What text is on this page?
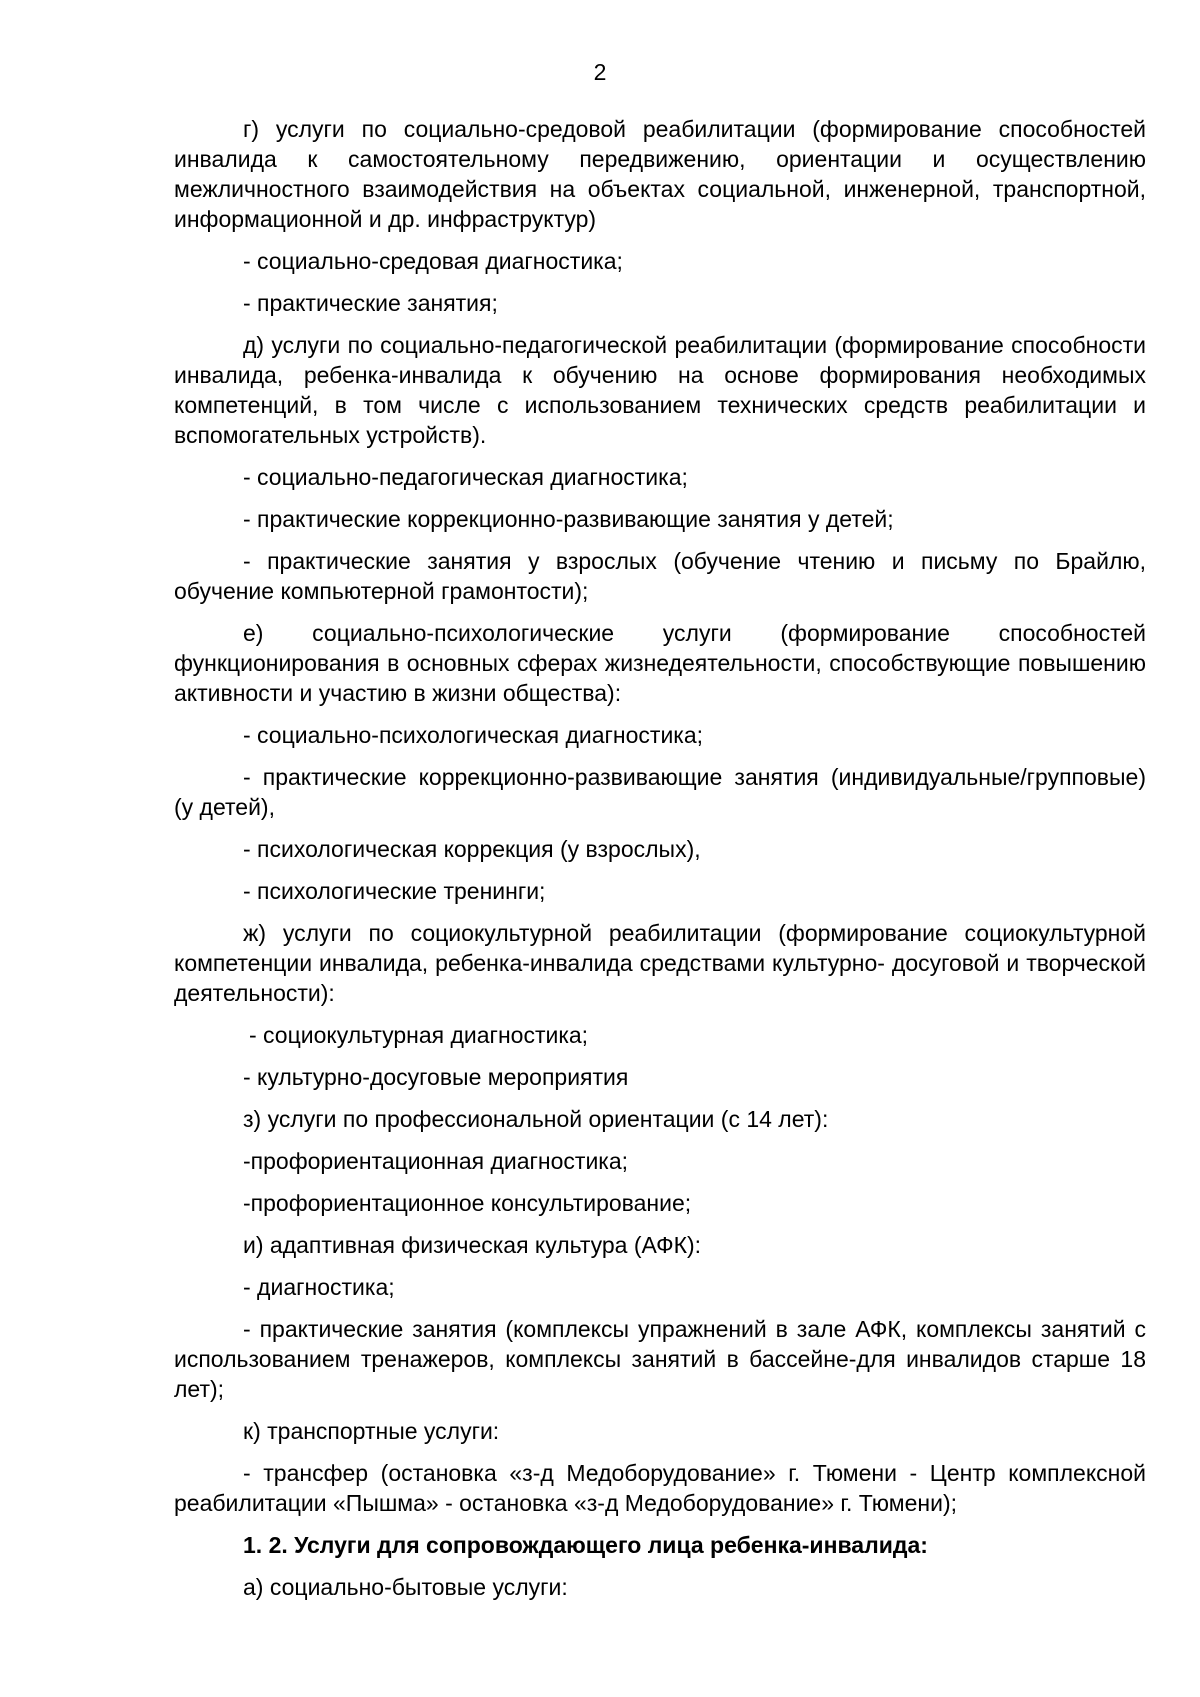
2

г) услуги по социально-средовой реабилитации (формирование способностей инвалида к самостоятельному передвижению, ориентации и осуществлению межличностного взаимодействия на объектах социальной, инженерной, транспортной, информационной и др. инфраструктур)

- социально-средовая диагностика;

- практические занятия;

д) услуги по социально-педагогической реабилитации (формирование способности инвалида, ребенка-инвалида к обучению на основе формирования необходимых компетенций, в том числе с использованием технических средств реабилитации и вспомогательных устройств).

- социально-педагогическая диагностика;

- практические коррекционно-развивающие занятия у детей;

- практические занятия у взрослых (обучение чтению и письму по Брайлю, обучение компьютерной грамонтости);

е) социально-психологические услуги (формирование способностей функционирования в основных сферах жизнедеятельности, способствующие повышению активности и участию в жизни общества):

- социально-психологическая диагностика;

- практические коррекционно-развивающие занятия (индивидуальные/групповые) (у детей),

- психологическая коррекция (у взрослых),

- психологические тренинги;

ж) услуги по социокультурной реабилитации (формирование социокультурной компетенции инвалида, ребенка-инвалида средствами культурно- досуговой и творческой деятельности):

- социокультурная диагностика;

- культурно-досуговые мероприятия

з) услуги по профессиональной ориентации (с 14 лет):

-профориентационная диагностика;

-профориентационное консультирование;

и) адаптивная физическая культура (АФК):

- диагностика;

- практические занятия (комплексы упражнений в зале АФК, комплексы занятий с использованием тренажеров, комплексы занятий в бассейне-для инвалидов старше 18 лет);

к) транспортные услуги:

- трансфер (остановка «з-д Медоборудование» г. Тюмени - Центр комплексной реабилитации «Пышма» - остановка «з-д Медоборудование» г. Тюмени);

1. 2. Услуги для сопровождающего лица ребенка-инвалида:

а) социально-бытовые услуги:
